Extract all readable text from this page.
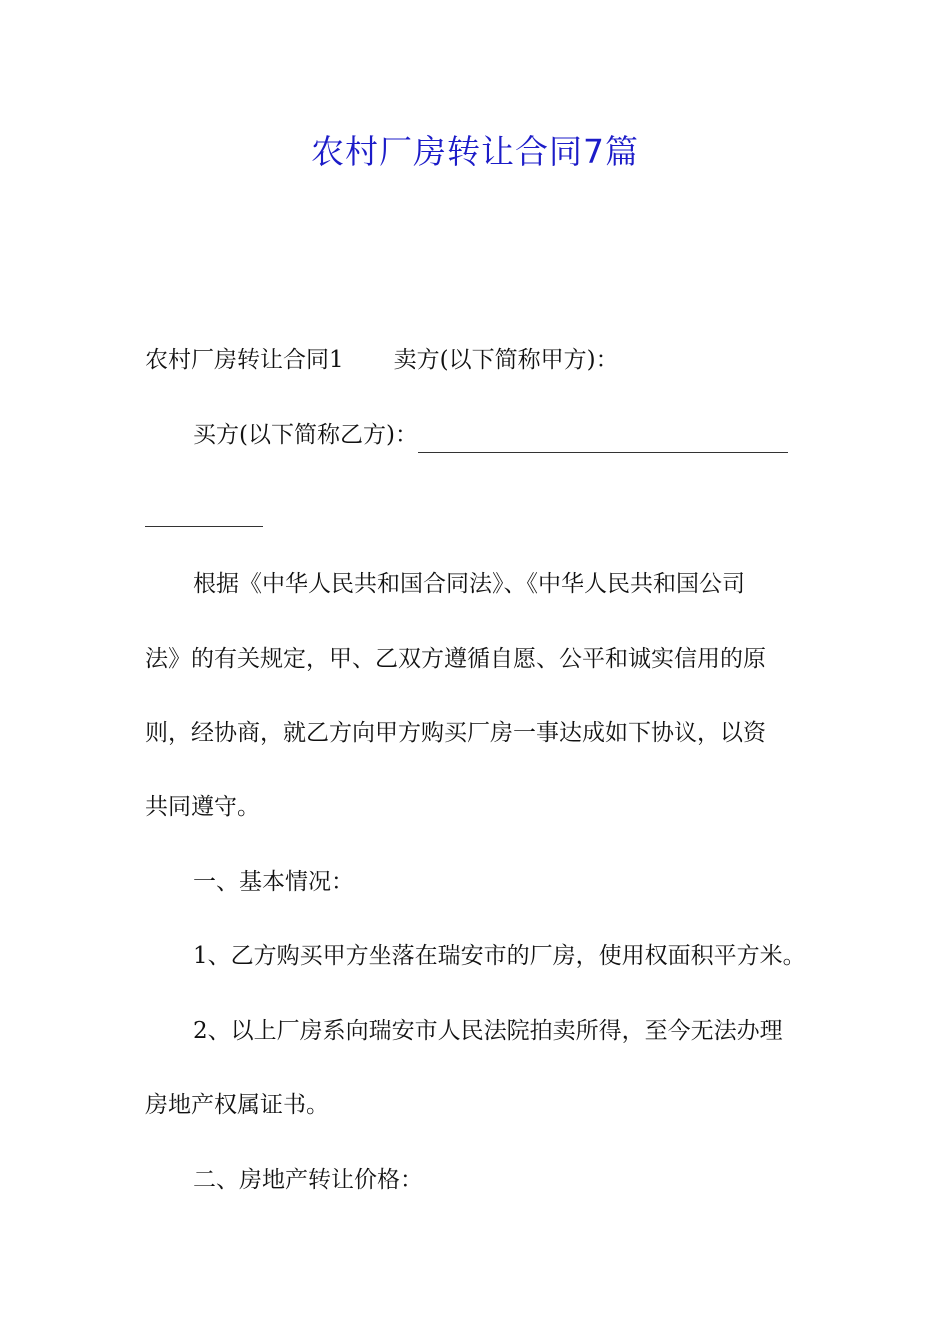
农村厂房转让合同7篇
农村厂房转让合同1 卖方(以下简称甲方)：
买方(以下简称乙方)：
根据《中华人民共和国合同法》、《中华人民共和国公司
法》的有关规定，甲、乙双方遵循自愿、公平和诚实信用的原
则，经协商，就乙方向甲方购买厂房一事达成如下协议，以资
共同遵守。
一、基本情况：
1、乙方购买甲方坐落在瑞安市的厂房，使用权面积平方米。
2、以上厂房系向瑞安市人民法院拍卖所得，至今无法办理
房地产权属证书。
二、房地产转让价格：
